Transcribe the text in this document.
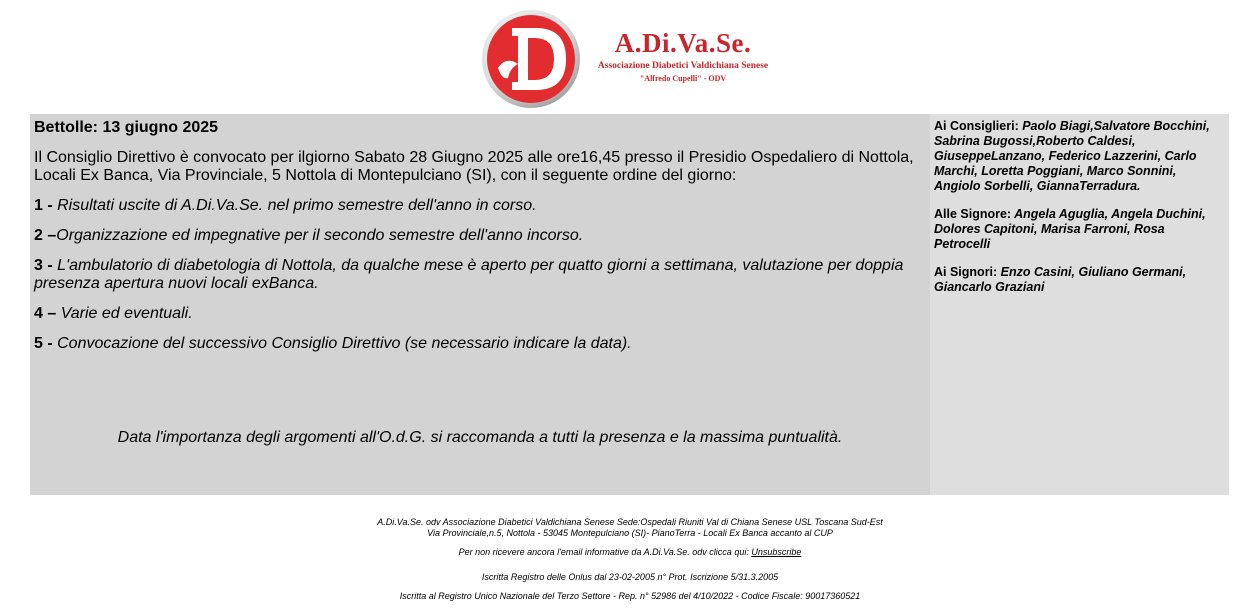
A.Di.Va.Se.
Associazione Diabetici Valdichiana Senese
"Alfredo Cupelli" - ODV

Bettolle: 13 giugno 2025

Il Consiglio Direttivo è convocato per ilgiorno Sabato 28 Giugno 2025 alle ore16,45 presso il Presidio Ospedaliero di Nottola, Locali Ex Banca, Via Provinciale, 5 Nottola di Montepulciano (SI), con il seguente ordine del giorno:

1 - Risultati uscite di A.Di.Va.Se. nel primo semestre dell'anno in corso.

2 –Organizzazione ed impegnative per il secondo semestre dell'anno incorso.

3 - L'ambulatorio di diabetologia di Nottola, da qualche mese è aperto per quatto giorni a settimana, valutazione per doppia presenza apertura nuovi locali exBanca.

4 – Varie ed eventuali.

5 - Convocazione del successivo Consiglio Direttivo (se necessario indicare la data).

Data l'importanza degli argomenti all'O.d.G. si raccomanda a tutti la presenza e la massima puntualità.

Ai Consiglieri: Paolo Biagi,Salvatore Bocchini, Sabrina Bugossi,Roberto Caldesi, GiuseppeLanzano, Federico Lazzerini, Carlo Marchi, Loretta Poggiani, Marco Sonnini, Angiolo Sorbelli, GiannaTerradura.

Alle Signore: Angela Aguglia, Angela Duchini, Dolores Capitoni, Marisa Farroni, Rosa Petrocelli

Ai Signori: Enzo Casini, Giuliano Germani, Giancarlo Graziani

A.Di.Va.Se. odv Associazione Diabetici Valdichiana Senese Sede:Ospedali Riuniti Val di Chiana Senese USL Toscana Sud-Est

Via Provinciale,n.5, Nottola - 53045 Montepulciano (SI)- PianoTerra - Locali Ex Banca accanto al CUP

Per non ricevere ancora l'email informative da A.Di.Va.Se. odv clicca qui: Unsubscribe

Iscritta Registro delle Onlus dal 23-02-2005 n° Prot. Iscrizione 5/31.3.2005

Iscritta al Registro Unico Nazionale del Terzo Settore - Rep. n° 52986 del 4/10/2022 - Codice Fiscale: 90017360521
